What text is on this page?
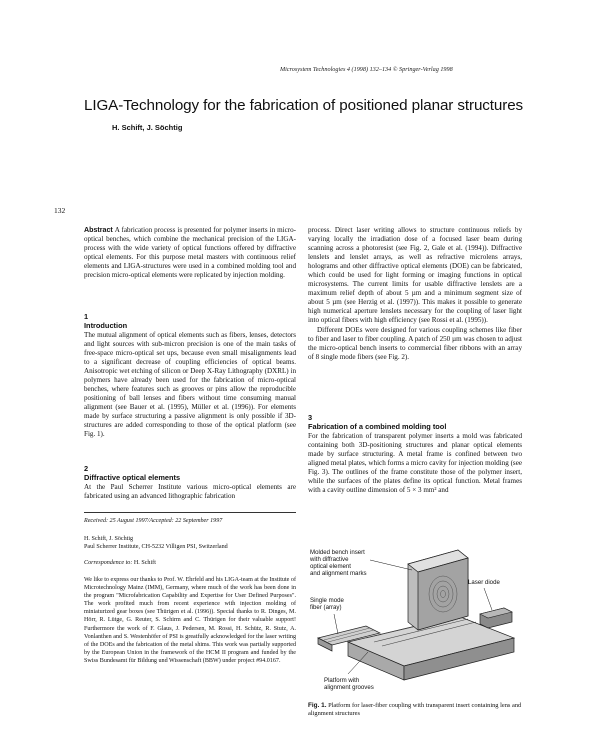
Microsystem Technologies 4 (1998) 132–134 © Springer-Verlag 1998
LIGA-Technology for the fabrication of positioned planar structures
H. Schift, J. Söchtig
132

Abstract A fabrication process is presented for polymer inserts in micro-optical benches, which combine the mechanical precision of the LIGA-process with the wide variety of optical functions offered by diffractive optical elements. For this purpose metal masters with continuous relief elements and LIGA-structures were used in a combined molding tool and precision micro-optical elements were replicated by injection molding.

1
Introduction

The mutual alignment of optical elements such as fibers, lenses, detectors and light sources with sub-micron precision is one of the main tasks of free-space micro-optical set ups, because even small misalignments lead to a significant decrease of coupling efficiencies of optical beams. Anisotropic wet etching of silicon or Deep X-Ray Lithography (DXRL) in polymers have already been used for the fabrication of micro-optical benches, where features such as grooves or pins allow the reproducible positioning of ball lenses and fibers without time consuming manual alignment (see Bauer et al. (1995), Müller et al. (1996)). For elements made by surface structuring a passive alignment is only possible if 3D-structures are added corresponding to those of the optical platform (see Fig. 1).

2
Diffractive optical elements

At the Paul Scherrer Institute various micro-optical elements are fabricated using an advanced lithographic fabrication

Received: 25 August 1997/Accepted: 22 September 1997
H. Schift, J. Söchtig
Paul Scherrer Institute, CH-5232 Villigen PSI, Switzerland
Correspondence to: H. Schift
We like to express our thanks to Prof. W. Ehrfeld and his LIGA-team at the Institute of Microtechnology Mainz (IMM), Germany, where much of the work has been done in the program "Microfabrication Capability and Expertise for User Defined Purposes". The work profited much from recent experience with injection molding of miniaturized gear boxes (see Thürigen et al. (1996)). Special thanks to R. Dinges, M. Hörr, R. Lütge, G. Reuter, S. Schirm and C. Thürigen for their valuable support! Furthermore the work of F. Glaus, J. Pedersen, M. Rossi, H. Schütz, R. Stutz, A. Vonlanthen and S. Westenhöfer of PSI is greatfully acknowledged for the laser writing of the DOEs and the fabrication of the metal shims. This work was partially supported by the European Union in the framework of the HCM II program and funded by the Swiss Bundesamt für Bildung und Wissenschaft (BBW) under project #94.0167.

process. Direct laser writing allows to structure continuous reliefs by varying locally the irradiation dose of a focused laser beam during scanning across a photoresist (see Fig. 2, Gale et al. (1994)). Diffractive lenslets and lenslet arrays, as well as refractive microlens arrays, holograms and other diffractive optical elements (DOE) can be fabricated, which could be used for light forming or imaging functions in optical microsystems. The current limits for usable diffractive lenslets are a maximum relief depth of about 5 µm and a minimum segment size of about 5 µm (see Herzig et al. (1997)). This makes it possible to generate high numerical aperture lenslets necessary for the coupling of laser light into optical fibers with high efficiency (see Rossi et al. (1995)).

Different DOEs were designed for various coupling schemes like fiber to fiber and laser to fiber coupling. A patch of 250 µm was chosen to adjust the micro-optical bench inserts to commercial fiber ribbons with an array of 8 single mode fibers (see Fig. 2).

3
Fabrication of a combined molding tool

For the fabrication of transparent polymer inserts a mold was fabricated containing both 3D-positioning structures and planar optical elements made by surface structuring. A metal frame is confined between two aligned metal plates, which forms a micro cavity for injection molding (see Fig. 3). The outlines of the frame constitute those of the polymer insert, while the surfaces of the plates define its optical function. Metal frames with a cavity outline dimension of 5 × 3 mm² and

Molded bench insert
with diffractive
optical element
and alignment marks
Laser diode
Single mode
fiber (array)
Platform with
alignment grooves
Fig. 1. Platform for laser-fiber coupling with transparent insert containing lens and alignment structures
